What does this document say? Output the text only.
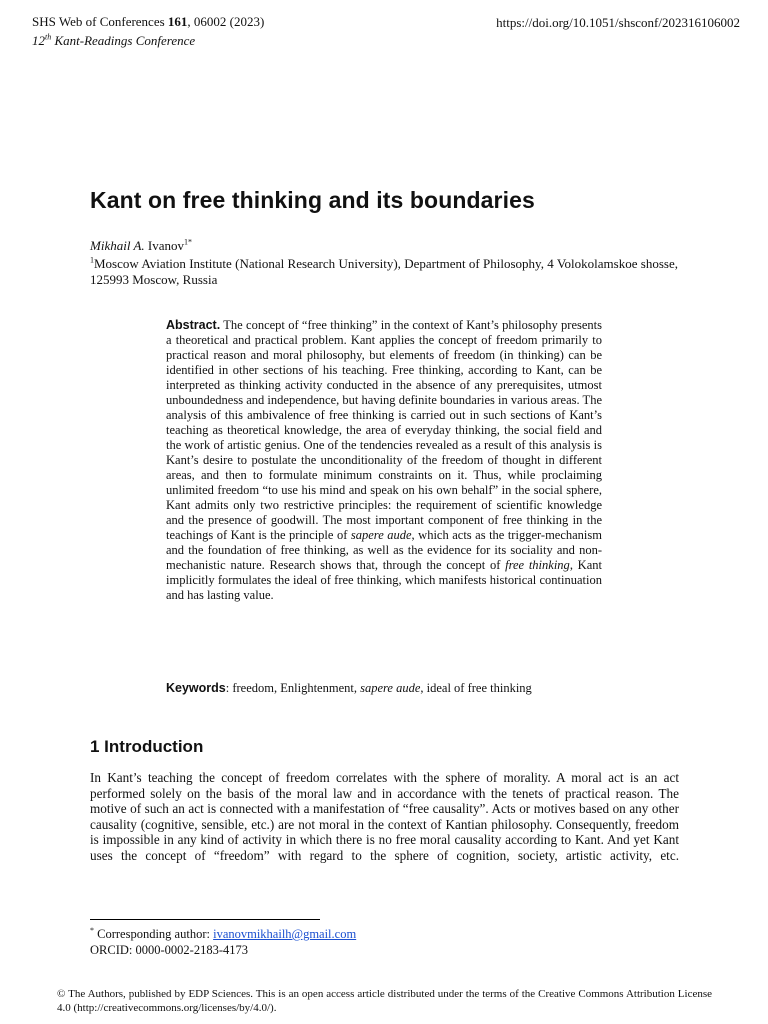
SHS Web of Conferences 161, 06002 (2023)
12th Kant-Readings Conference
https://doi.org/10.1051/shsconf/202316106002
Kant on free thinking and its boundaries
Mikhail A. Ivanov$^{1*}$
$^1$Moscow Aviation Institute (National Research University), Department of Philosophy, 4 Volokolamskoe shosse, 125993 Moscow, Russia
Abstract. The concept of “free thinking” in the context of Kant’s philosophy presents a theoretical and practical problem. Kant applies the concept of freedom primarily to practical reason and moral philosophy, but elements of freedom (in thinking) can be identified in other sections of his teaching. Free thinking, according to Kant, can be interpreted as thinking activity conducted in the absence of any prerequisites, utmost unboundedness and independence, but having definite boundaries in various areas. The analysis of this ambivalence of free thinking is carried out in such sections of Kant’s teaching as theoretical knowledge, the area of everyday thinking, the social field and the work of artistic genius. One of the tendencies revealed as a result of this analysis is Kant’s desire to postulate the unconditionality of the freedom of thought in different areas, and then to formulate minimum constraints on it. Thus, while proclaiming unlimited freedom “to use his mind and speak on his own behalf” in the social sphere, Kant admits only two restrictive principles: the requirement of scientific knowledge and the presence of goodwill. The most important component of free thinking in the teachings of Kant is the principle of sapere aude, which acts as the trigger-mechanism and the foundation of free thinking, as well as the evidence for its sociality and non-mechanistic nature. Research shows that, through the concept of free thinking, Kant implicitly formulates the ideal of free thinking, which manifests historical continuation and has lasting value.
Keywords: freedom, Enlightenment, sapere aude, ideal of free thinking
1 Introduction
In Kant’s teaching the concept of freedom correlates with the sphere of morality. A moral act is an act performed solely on the basis of the moral law and in accordance with the tenets of practical reason. The motive of such an act is connected with a manifestation of “free causality”. Acts or motives based on any other causality (cognitive, sensible, etc.) are not moral in the context of Kantian philosophy. Consequently, freedom is impossible in any kind of activity in which there is no free moral causality according to Kant. And yet Kant uses the concept of “freedom” with regard to the sphere of cognition, society, artistic activity, etc.
* Corresponding author: ivanovmikhailh@gmail.com
ORCID: 0000-0002-2183-4173
© The Authors, published by EDP Sciences. This is an open access article distributed under the terms of the Creative Commons Attribution License 4.0 (http://creativecommons.org/licenses/by/4.0/).
